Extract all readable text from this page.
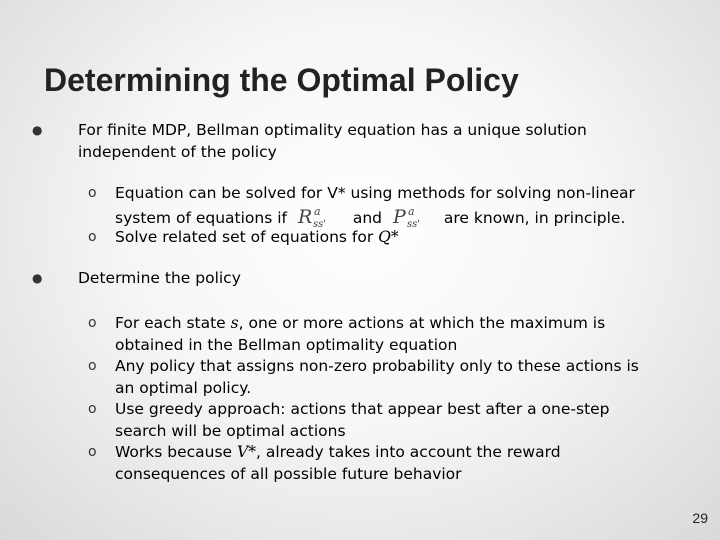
Determining the Optimal Policy
● For finite MDP, Bellman optimality equation has a unique solution
independent of the policy
o Equation can be solved for V* using methods for solving non-linear
system of equations if R a
ss' and P a
ss' are known, in principle.
o Solve related set of equations for Q*
● Determine the policy
o For each state s, one or more actions at which the maximum is
obtained in the Bellman optimality equation
o Any policy that assigns non-zero probability only to these actions is
an optimal policy.
o Use greedy approach: actions that appear best after a one-step
search will be optimal actions
o Works because V*, already takes into account the reward
consequences of all possible future behavior
29
